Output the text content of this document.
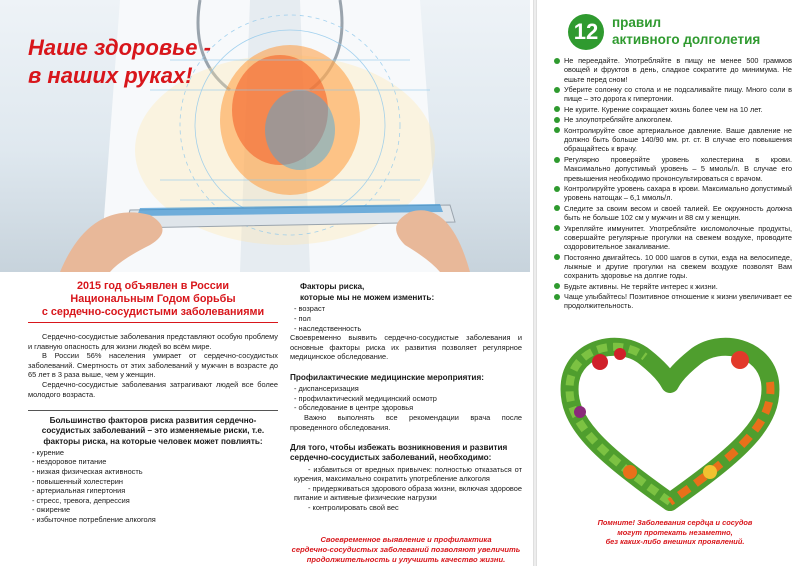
Наше здоровье -
в наших руках!
2015 год объявлен в России
Национальным Годом борьбы
с сердечно-сосудистыми заболеваниями

Сердечно-сосудистые заболевания представляют особую проблему и главную опасность для жизни людей во всём мире.

В России 56% населения умирает от сердечно-сосудистых заболеваний. Смертность от этих заболеваний у мужчин в возрасте до 65 лет в 3 раза выше, чем у женщин.

Сердечно-сосудистые заболевания затрагивают людей все более молодого возраста.

Большинство факторов риска развития сердечно-сосудистых заболеваний – это изменяемые риски, т.е. факторы риска, на которые человек может повлиять:

- курение
- нездоровое питание
- низкая физическая активность
- повышенный холестерин
- артериальная гипертония
- стресс, тревога, депрессия
- ожирение
- избыточное потребление алкоголя

Факторы риска,

которые мы не можем изменить:

- возраст
- пол
- наследственность

Своевременно выявить сердечно-сосудистые заболевания и основные факторы риска их развития позволяет регулярное медицинское обследование.

Профилактические медицинские мероприятия:

- диспансеризация
- профилактический медицинский осмотр
- обследование в центре здоровья

Важно выполнять все рекомендации врача после проведенного обследования.

Для того, чтобы избежать возникновения и развития сердечно-сосудистых заболеваний, необходимо:

- избавиться от вредных привычек: полностью отказаться от курения, максимально сократить употребление алкоголя
- придерживаться здорового образа жизни, включая здоровое питание и активные физические нагрузки
- контролировать свой вес
Своевременное выявление и профилактика
сердечно-сосудистых заболеваний позволяют увеличить
продолжительность и улучшить качество жизни.
12	правил
активного долголетия
Не переедайте. Употребляйте в пищу не менее 500 граммов овощей и фруктов в день, сладкое сократите до минимума. Не ешьте перед сном!
Уберите солонку со стола и не подсаливайте пищу. Много соли в пище – это дорога к гипертонии.
Не курите. Курение сокращает жизнь более чем на 10 лет.
Не злоупотребляйте алкоголем.
Контролируйте свое артериальное давление. Ваше давление не должно быть больше 140/90 мм. рт. ст. В случае его повышения обращайтесь к врачу.
Регулярно проверяйте уровень холестерина в крови. Максимально допустимый уровень – 5 ммоль/л. В случае его превышения необходимо проконсультироваться с врачом.
Контролируйте уровень сахара в крови. Максимально допустимый уровень натощак – 6,1 ммоль/л.
Следите за своим весом и своей талией. Ее окружность должна быть не больше 102 см у мужчин и 88 см у женщин.
Укрепляйте иммунитет. Употребляйте кисломолочные продукты, совершайте регулярные прогулки на свежем воздухе, проводите оздоровительное закаливание.
Постоянно двигайтесь. 10 000 шагов в сутки, езда на велосипеде, лыжные и другие прогулки на свежем воздухе позволят Вам сохранить здоровье на долгие годы.
Будьте активны. Не теряйте интерес к жизни.
Чаще улыбайтесь! Позитивное отношение к жизни увеличивает ее продолжительность.
Помните! Заболевания сердца и сосудов
могут протекать незаметно,
без каких-либо внешних проявлений.
